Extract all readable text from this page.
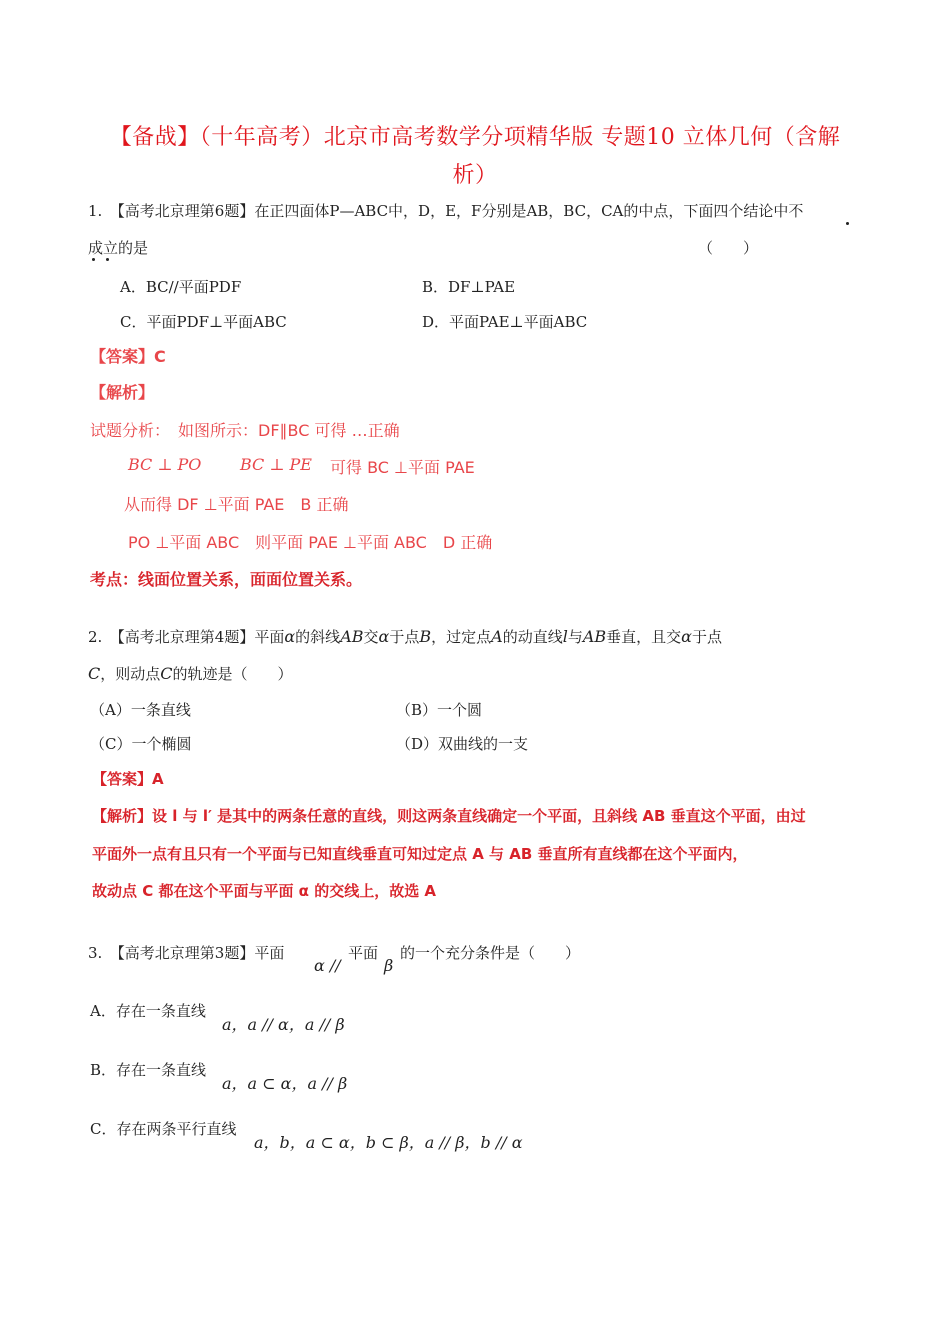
【备战】（十年高考）北京市高考数学分项精华版 专题10 立体几何（含解
析）
1.　【高考北京理第6题】在正四面体P—ABC中，D，E，F分别是AB，BC，CA的中点，下面四个结论中不
成立的是	（　　）
A．BC//平面PDF	B．DF⊥PAE
C．平面PDF⊥平面ABC	D．平面PAE⊥平面ABC
【答案】C
【解析】
试题分析：　如图所示：DF∥BC 可得 …正确
BC ⊥ PO BC ⊥ PE 可得 BC ⊥平面 PAE
从而得 DF ⊥平面 PAE　B 正确
PO ⊥平面 ABC　则平面 PAE ⊥平面 ABC　D 正确
考点：线面位置关系，面面位置关系。
2.　【高考北京理第4题】平面α的斜线AB交α于点B，过定点A的动直线l与AB垂直，且交α于点
C，则动点C的轨迹是（　　）
（A）一条直线	（B）一个圆
（C）一个椭圆	（D）双曲线的一支
【答案】A
【解析】设 l 与 l′ 是其中的两条任意的直线，则这两条直线确定一个平面，且斜线 AB 垂直这个平面，由过
平面外一点有且只有一个平面与已知直线垂直可知过定点 A 与 AB 垂直所有直线都在这个平面内，
故动点 C 都在这个平面与平面 α 的交线上，故选 A
3.　【高考北京理第3题】平面
α //
平面
β
的一个充分条件是（　　）
A．存在一条直线
a，a // α，a // β
B．存在一条直线
a，a ⊂ α，a // β
C．存在两条平行直线
a，b，a ⊂ α，b ⊂ β，a // β，b // α
